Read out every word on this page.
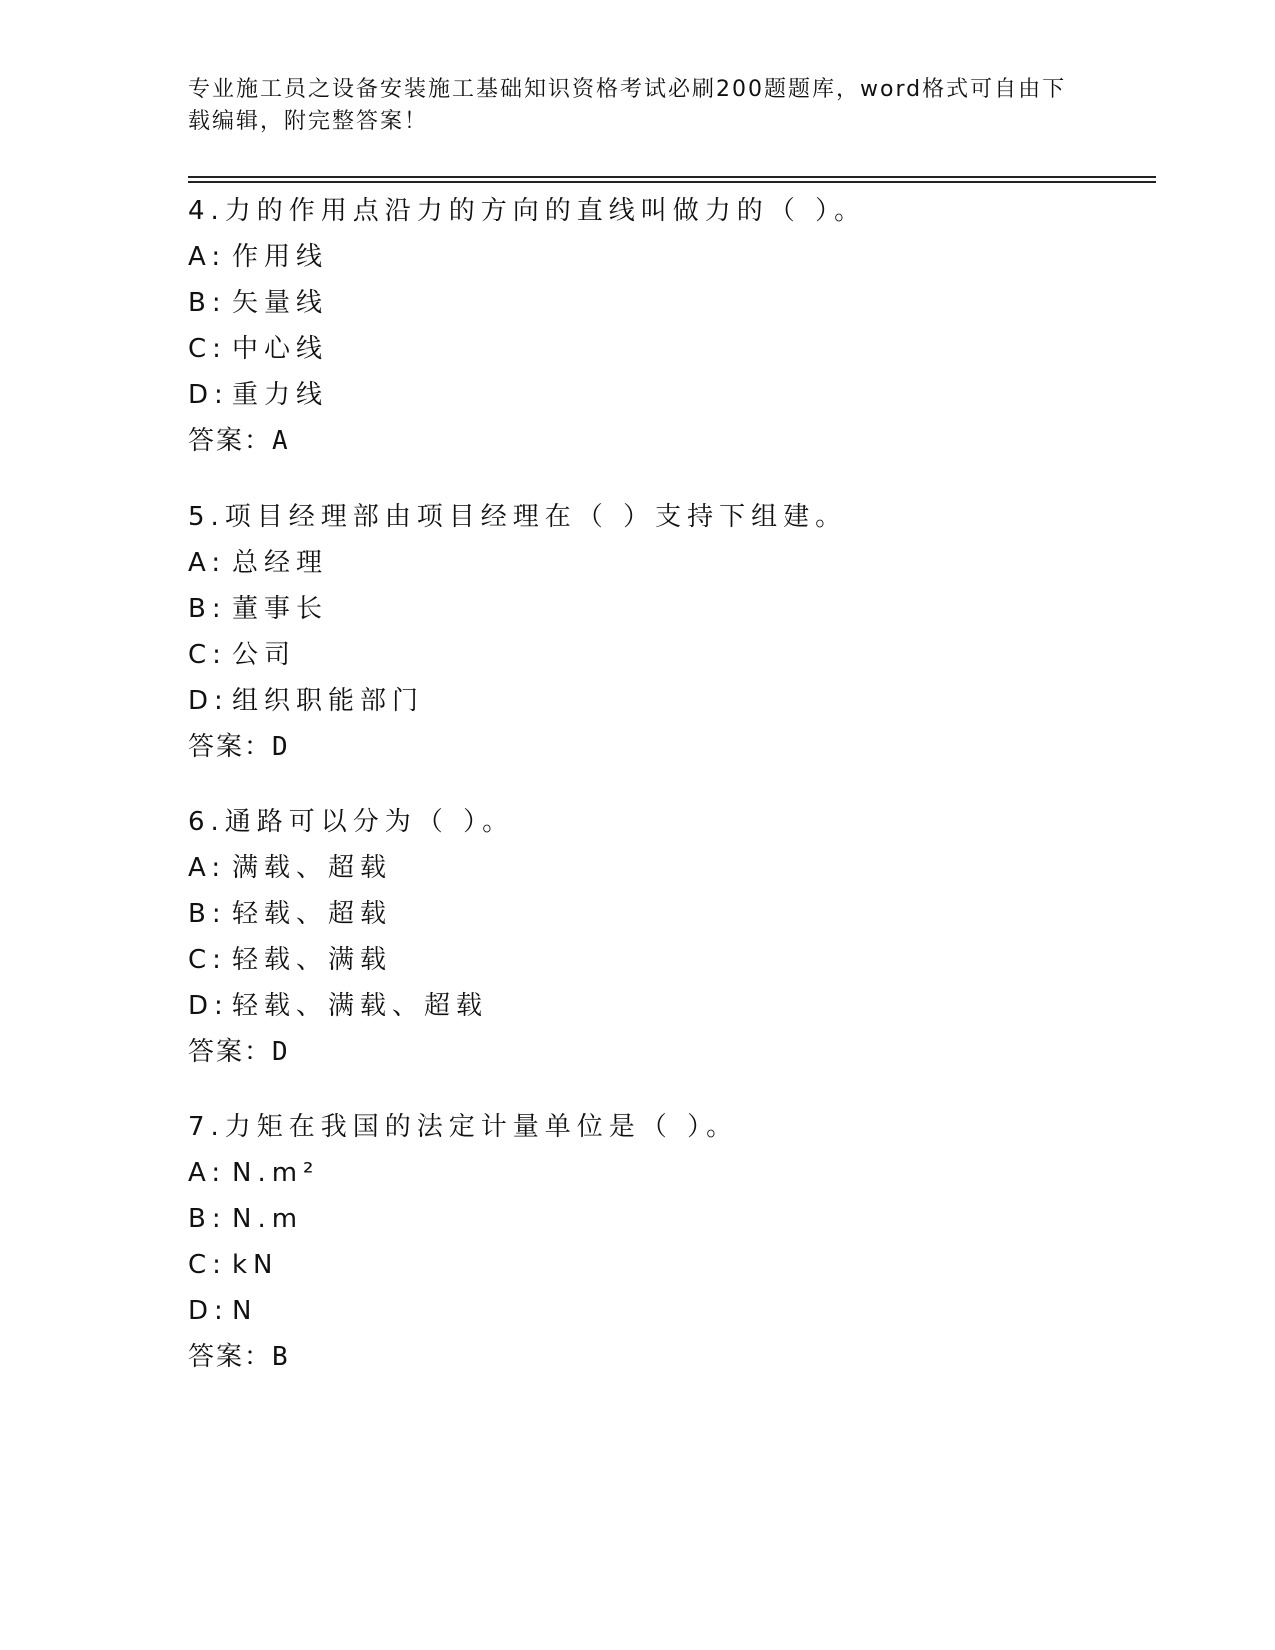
专业施工员之设备安装施工基础知识资格考试必刷200题题库，word格式可自由下载编辑，附完整答案！
4.力的作用点沿力的方向的直线叫做力的（ ）。
A: 作用线
B: 矢量线
C: 中心线
D: 重力线
答案：A
5.项目经理部由项目经理在（ ）支持下组建。
A: 总经理
B: 董事长
C: 公司
D: 组织职能部门
答案：D
6.通路可以分为（ ）。
A: 满载、超载
B: 轻载、超载
C: 轻载、满载
D: 轻载、满载、超载
答案：D
7.力矩在我国的法定计量单位是（ ）。
A: N.m²
B: N.m
C: kN
D: N
答案：B
